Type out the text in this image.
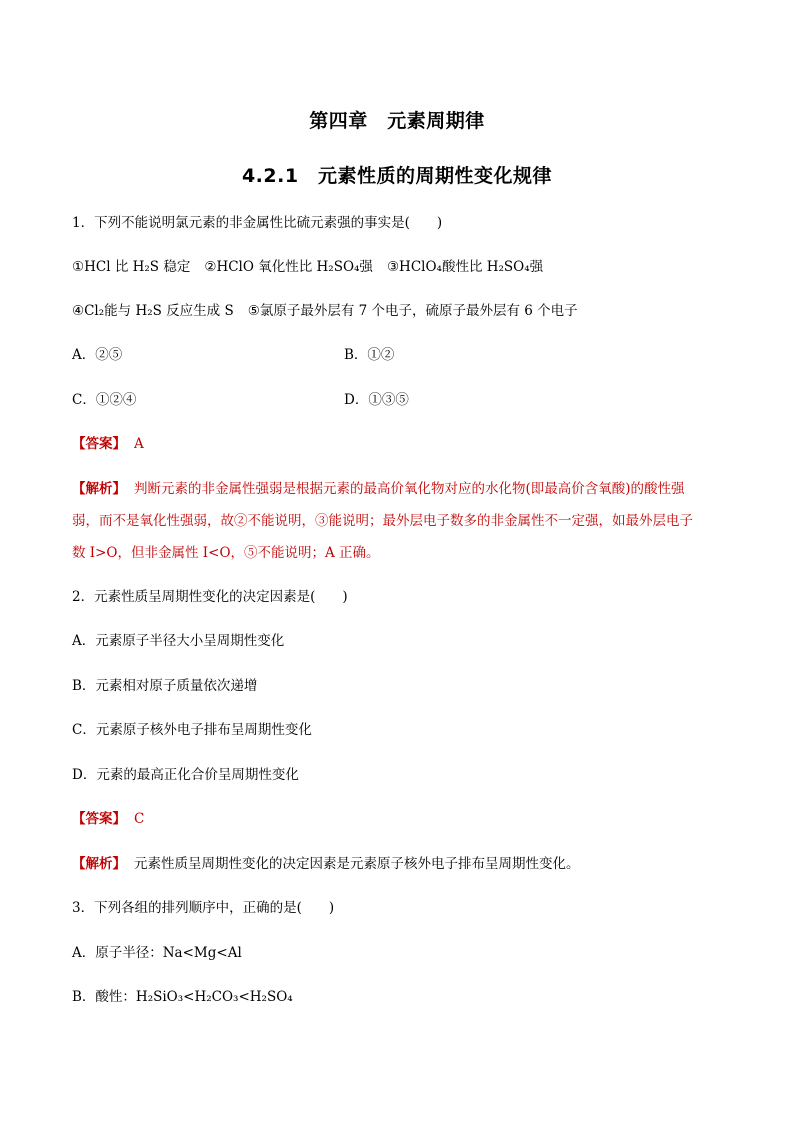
第四章　元素周期律
4.2.1　元素性质的周期性变化规律
1．下列不能说明氯元素的非金属性比硫元素强的事实是(　　)
①HCl 比 H₂S 稳定 ②HClO 氧化性比 H₂SO₄强 ③HClO₄酸性比 H₂SO₄强
④Cl₂能与 H₂S 反应生成 S ⑤氯原子最外层有 7 个电子，硫原子最外层有 6 个电子
A．②⑤	B．①②
C．①②④	D．①③⑤
【答案】 A
【解析】 判断元素的非金属性强弱是根据元素的最高价氧化物对应的水化物(即最高价含氧酸)的酸性强
弱，而不是氧化性强弱，故②不能说明，③能说明；最外层电子数多的非金属性不一定强，如最外层电子
数 I>O，但非金属性 I<O，⑤不能说明；A 正确。
2．元素性质呈周期性变化的决定因素是(　　)
A．元素原子半径大小呈周期性变化
B．元素相对原子质量依次递增
C．元素原子核外电子排布呈周期性变化
D．元素的最高正化合价呈周期性变化
【答案】 C
【解析】 元素性质呈周期性变化的决定因素是元素原子核外电子排布呈周期性变化。
3．下列各组的排列顺序中，正确的是(　　)
A．原子半径：Na<Mg<Al
B．酸性：H₂SiO₃<H₂CO₃<H₂SO₄
